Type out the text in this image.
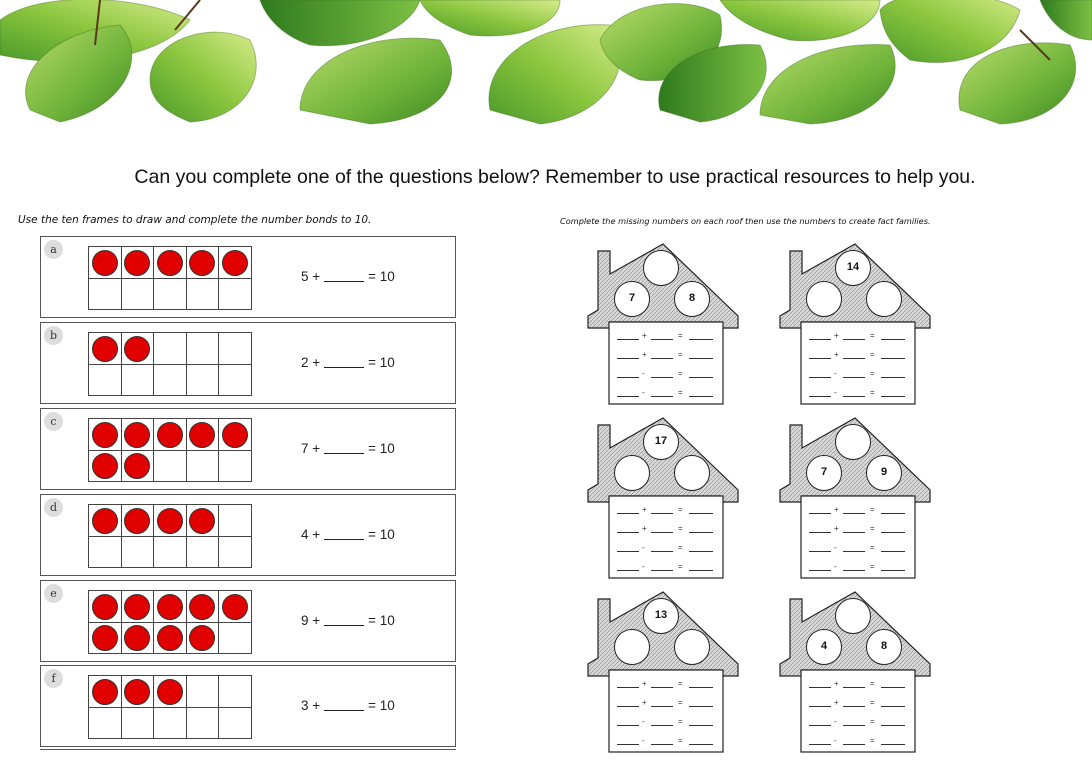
Can you complete one of the questions below? Remember to use practical resources to help you.
Use the ten frames to draw and complete the number bonds to 10.	Complete the missing numbers on each roof then use the numbers to create fact families.
a
5 +	= 10
b
2 +	= 10
c
7 +	= 10
d
4 +	= 10
e
9 +	= 10
f
3 +	= 10
7	8
+	=
+	=
-	=
-	=
14
+	=
+	=
-	=
-	=
17
+	=
+	=
-	=
-	=
7	9
+	=
+	=
-	=
-	=
13
+	=
+	=
-	=
-	=
4	8
+	=
+	=
-	=
-	=
